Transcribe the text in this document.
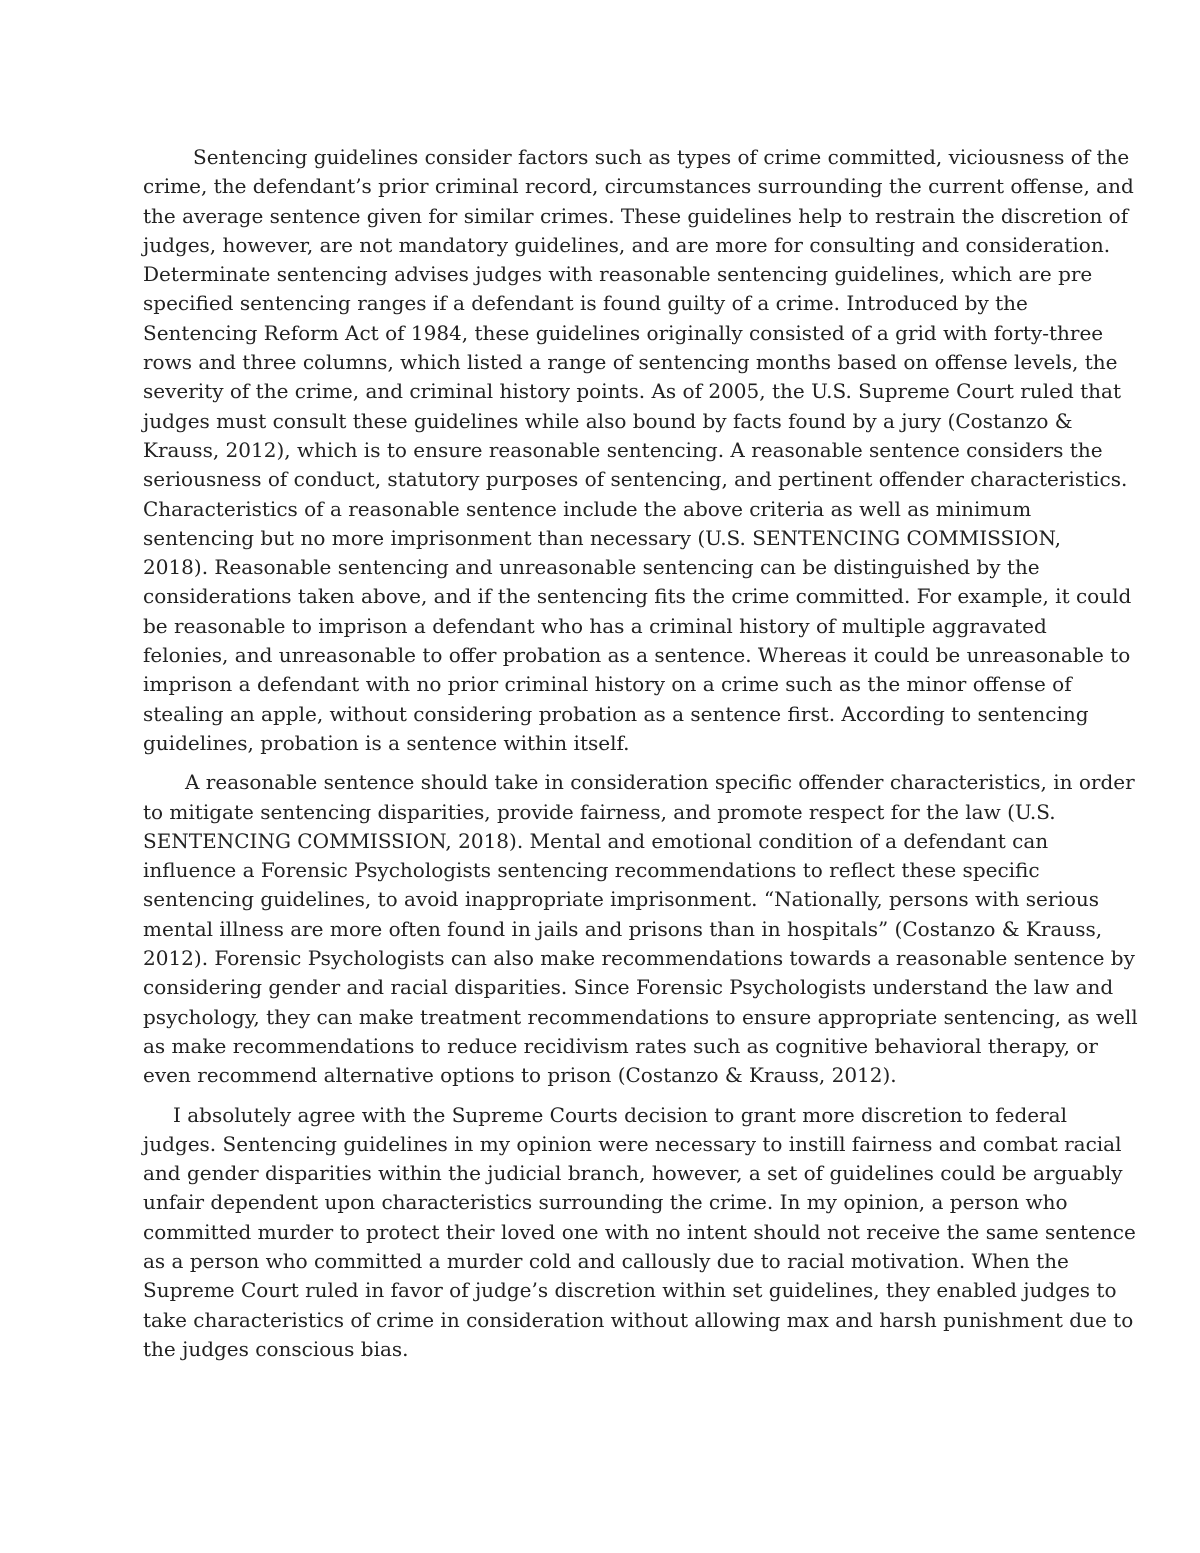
Sentencing guidelines consider factors such as types of crime committed, viciousness of the
crime, the defendant’s prior criminal record, circumstances surrounding the current offense, and
the average sentence given for similar crimes. These guidelines help to restrain the discretion of
judges, however, are not mandatory guidelines, and are more for consulting and consideration.
Determinate sentencing advises judges with reasonable sentencing guidelines, which are pre
specified sentencing ranges if a defendant is found guilty of a crime. Introduced by the
Sentencing Reform Act of 1984, these guidelines originally consisted of a grid with forty-three
rows and three columns, which listed a range of sentencing months based on offense levels, the
severity of the crime, and criminal history points. As of 2005, the U.S. Supreme Court ruled that
judges must consult these guidelines while also bound by facts found by a jury (Costanzo &
Krauss, 2012), which is to ensure reasonable sentencing. A reasonable sentence considers the
seriousness of conduct, statutory purposes of sentencing, and pertinent offender characteristics.
Characteristics of a reasonable sentence include the above criteria as well as minimum
sentencing but no more imprisonment than necessary (U.S. SENTENCING COMMISSION,
2018). Reasonable sentencing and unreasonable sentencing can be distinguished by the
considerations taken above, and if the sentencing fits the crime committed. For example, it could
be reasonable to imprison a defendant who has a criminal history of multiple aggravated
felonies, and unreasonable to offer probation as a sentence. Whereas it could be unreasonable to
imprison a defendant with no prior criminal history on a crime such as the minor offense of
stealing an apple, without considering probation as a sentence first. According to sentencing
guidelines, probation is a sentence within itself.
A reasonable sentence should take in consideration specific offender characteristics, in order
to mitigate sentencing disparities, provide fairness, and promote respect for the law (U.S.
SENTENCING COMMISSION, 2018). Mental and emotional condition of a defendant can
influence a Forensic Psychologists sentencing recommendations to reflect these specific
sentencing guidelines, to avoid inappropriate imprisonment. “Nationally, persons with serious
mental illness are more often found in jails and prisons than in hospitals” (Costanzo & Krauss,
2012). Forensic Psychologists can also make recommendations towards a reasonable sentence by
considering gender and racial disparities. Since Forensic Psychologists understand the law and
psychology, they can make treatment recommendations to ensure appropriate sentencing, as well
as make recommendations to reduce recidivism rates such as cognitive behavioral therapy, or
even recommend alternative options to prison (Costanzo & Krauss, 2012).
I absolutely agree with the Supreme Courts decision to grant more discretion to federal
judges. Sentencing guidelines in my opinion were necessary to instill fairness and combat racial
and gender disparities within the judicial branch, however, a set of guidelines could be arguably
unfair dependent upon characteristics surrounding the crime. In my opinion, a person who
committed murder to protect their loved one with no intent should not receive the same sentence
as a person who committed a murder cold and callously due to racial motivation. When the
Supreme Court ruled in favor of judge’s discretion within set guidelines, they enabled judges to
take characteristics of crime in consideration without allowing max and harsh punishment due to
the judges conscious bias.
